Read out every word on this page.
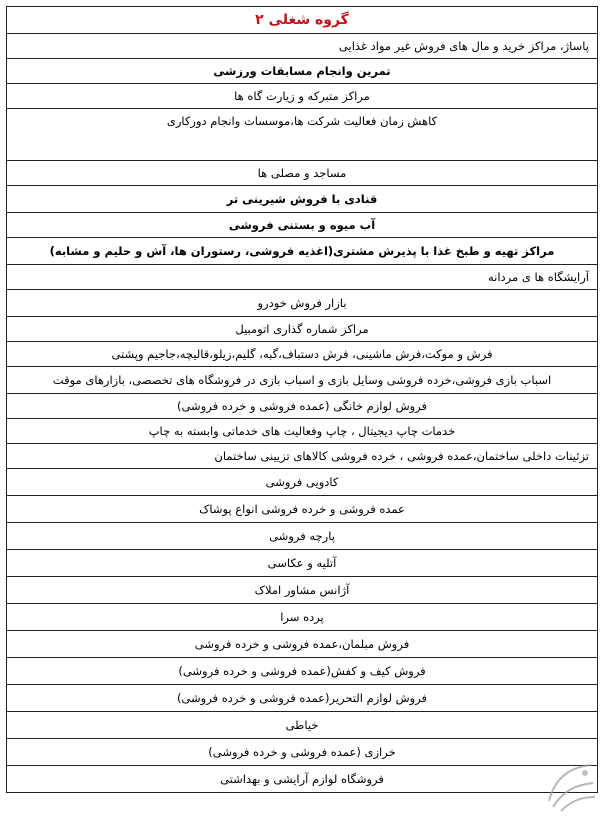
گروه شغلی ۲
پاساژ، مراکز خرید و مال های فروش غیر مواد غذایی
تمرین وانجام مسابقات ورزشی
مراکز متبرکه و زیارت گاه ها
کاهش زمان فعالیت شرکت ها،موسسات وانجام دورکاری
مساجد و مصلی ها
قنادی با فروش شیرینی تر
آب میوه و بستنی فروشی
مراکز تهیه و طبخ غذا با پذیرش مشتری(اغذیه فروشی، رستوران ها، آش و حلیم و مشابه)
آرایشگاه ها ی مردانه
بازار فروش خودرو
مراکز شماره گذاری اتومبیل
فرش و موکت،فرش ماشینی، فرش دستباف،گبه، گلیم،زیلو،قالیچه،جاجیم وپشتی
اسباب بازی فروشی،خرده فروشی وسایل بازی و اسباب بازی در فروشگاه های تخصصی، بازارهای موقت
فروش لوازم خانگی (عمده فروشی و خرده فروشی)
خدمات چاپ دیجیتال ، چاپ وفعالیت های خدماتی وابسته به چاپ
تزئینات داخلی ساختمان،عمده فروشی ، خرده فروشی کالاهای تزیینی ساختمان
کادویی فروشی
عمده فروشی و خرده فروشی انواع پوشاک
پارچه فروشی
آتلیه و عکاسی
آژانس مشاور املاک
پرده سرا
فروش مبلمان،عمده فروشی و خرده فروشی
فروش کیف و کفش(عمده فروشی و خرده فروشی)
فروش لوازم التحریر(عمده فروشی و خرده فروشی)
خیاطی
خرازی (عمده فروشی و خرده فروشی)
فروشگاه لوازم آرایشی و بهداشتی
